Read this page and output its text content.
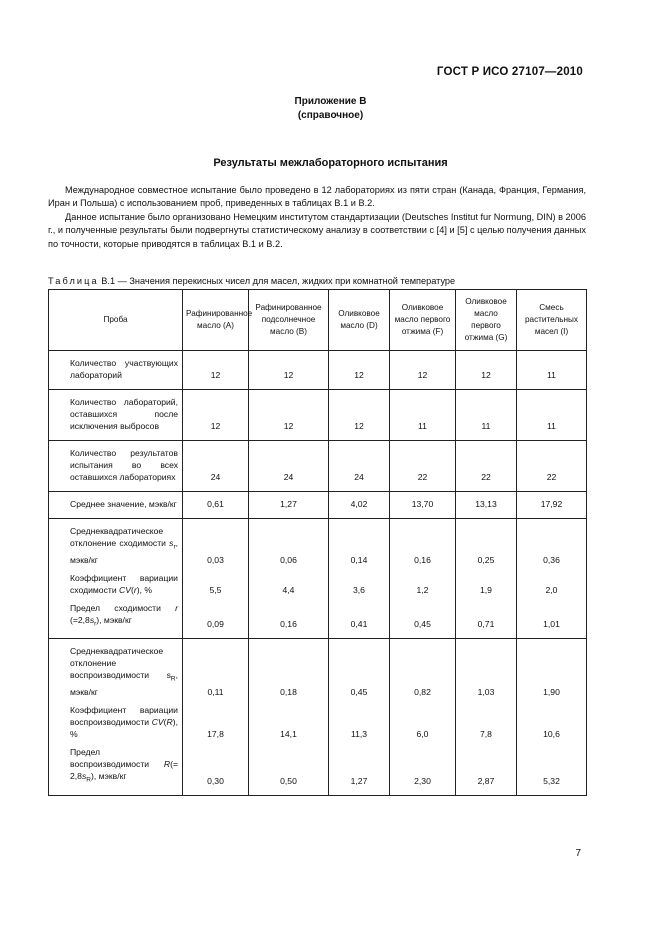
ГОСТ Р ИСО 27107—2010
Приложение В
(справочное)
Результаты межлабораторного испытания
Международное совместное испытание было проведено в 12 лабораториях из пяти стран (Канада, Франция, Германия, Иран и Польша) с использованием проб, приведенных в таблицах В.1 и В.2.
Данное испытание было организовано Немецким институтом стандартизации (Deutsches Institut fur Normung, DIN) в 2006 г., и полученные результаты были подвергнуты статистическому анализу в соответствии с [4] и [5] с целью получения данных по точности, которые приводятся в таблицах В.1 и В.2.
Таблица В.1 — Значения перекисных чисел для масел, жидких при комнатной температуре
Проба	Рафинированное масло (A)	Рафинированное подсолнечное масло (B)	Оливковое масло (D)	Оливковое масло первого отжима (F)	Оливковое масло первого отжима (G)	Смесь растительных масел (I)

Количество участвующих лабораторий	12	12	12	12	12	11

Количество лабораторий, оставшихся после исключения выбросов	12	12	12	11	11	11

Количество результатов испытания во всех оставшихся лабораториях	24	24	24	22	22	22

Среднее значение, мэкв/кг	0,61	1,27	4,02	13,70	13,13	17,92

Среднеквадратическое отклонение сходимости $s_r$, мэкв/кг	0,03	0,06	0,14	0,16	0,25	0,36

Коэффициент вариации сходимости CV(r), %	5,5	4,4	3,6	1,2	1,9	2,0

Предел сходимости r $(=2,8s_r)$, мэкв/кг	0,09	0,16	0,41	0,45	0,71	1,01

Среднеквадратическое отклонение воспроизводимости $s_R$, мэкв/кг	0,11	0,18	0,45	0,82	1,03	1,90

Коэффициент вариации воспроизводимости CV(R), %	17,8	14,1	11,3	6,0	7,8	10,6

Предел воспроизводимости $R(= 2,8s_R)$, мэкв/кг	0,30	0,50	1,27	2,30	2,87	5,32
7
